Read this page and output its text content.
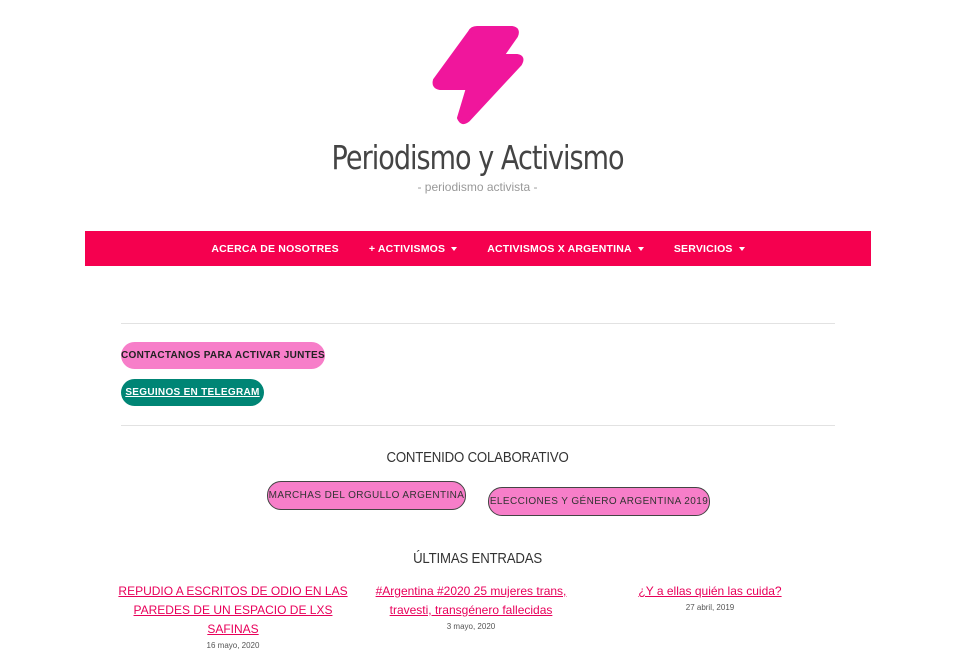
Periodismo y Activismo
- periodismo activista -
ACERCA DE NOSOTRES	+ ACTIVISMOS	ACTIVISMOS X ARGENTINA	SERVICIOS
CONTACTANOS PARA ACTIVAR JUNTES
SEGUINOS EN TELEGRAM
CONTENIDO COLABORATIVO
MARCHAS DEL ORGULLO ARGENTINA
ELECCIONES Y GÉNERO ARGENTINA 2019
ÚLTIMAS ENTRADAS
REPUDIO A ESCRITOS DE ODIO EN LAS
PAREDES DE UN ESPACIO DE LXS SAFINAS
16 mayo, 2020
#Argentina #2020 25 mujeres trans,
travesti, transgénero fallecidas
3 mayo, 2020
¿Y a ellas quién las cuida?
27 abril, 2019
